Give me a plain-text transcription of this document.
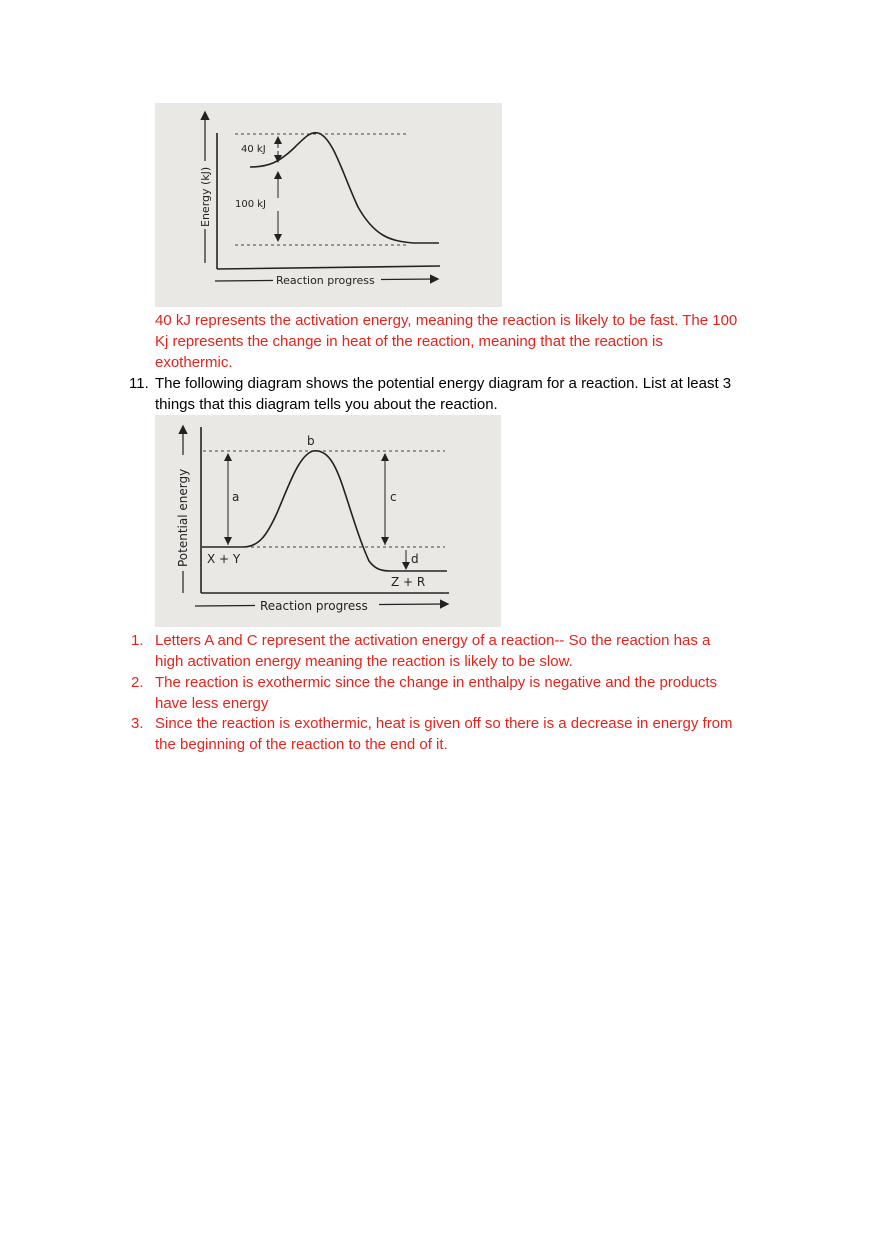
Energy (kJ)
Reaction progress
40 kJ
100 kJ

40 kJ represents the activation energy, meaning the reaction is likely to be fast. The 100
Kj represents the change in heat of the reaction, meaning that the reaction is
exothermic.

11. The following diagram shows the potential energy diagram for a reaction. List at least 3
things that this diagram tells you about the reaction.

Potential energy
Reaction progress
a
b
c
d
X + Y
Z + R
1. Letters A and C represent the activation energy of a reaction-- So the reaction has a
high activation energy meaning the reaction is likely to be slow.

2. The reaction is exothermic since the change in enthalpy is negative and the products
have less energy

3. Since the reaction is exothermic, heat is given off so there is a decrease in energy from
the beginning of the reaction to the end of it.
